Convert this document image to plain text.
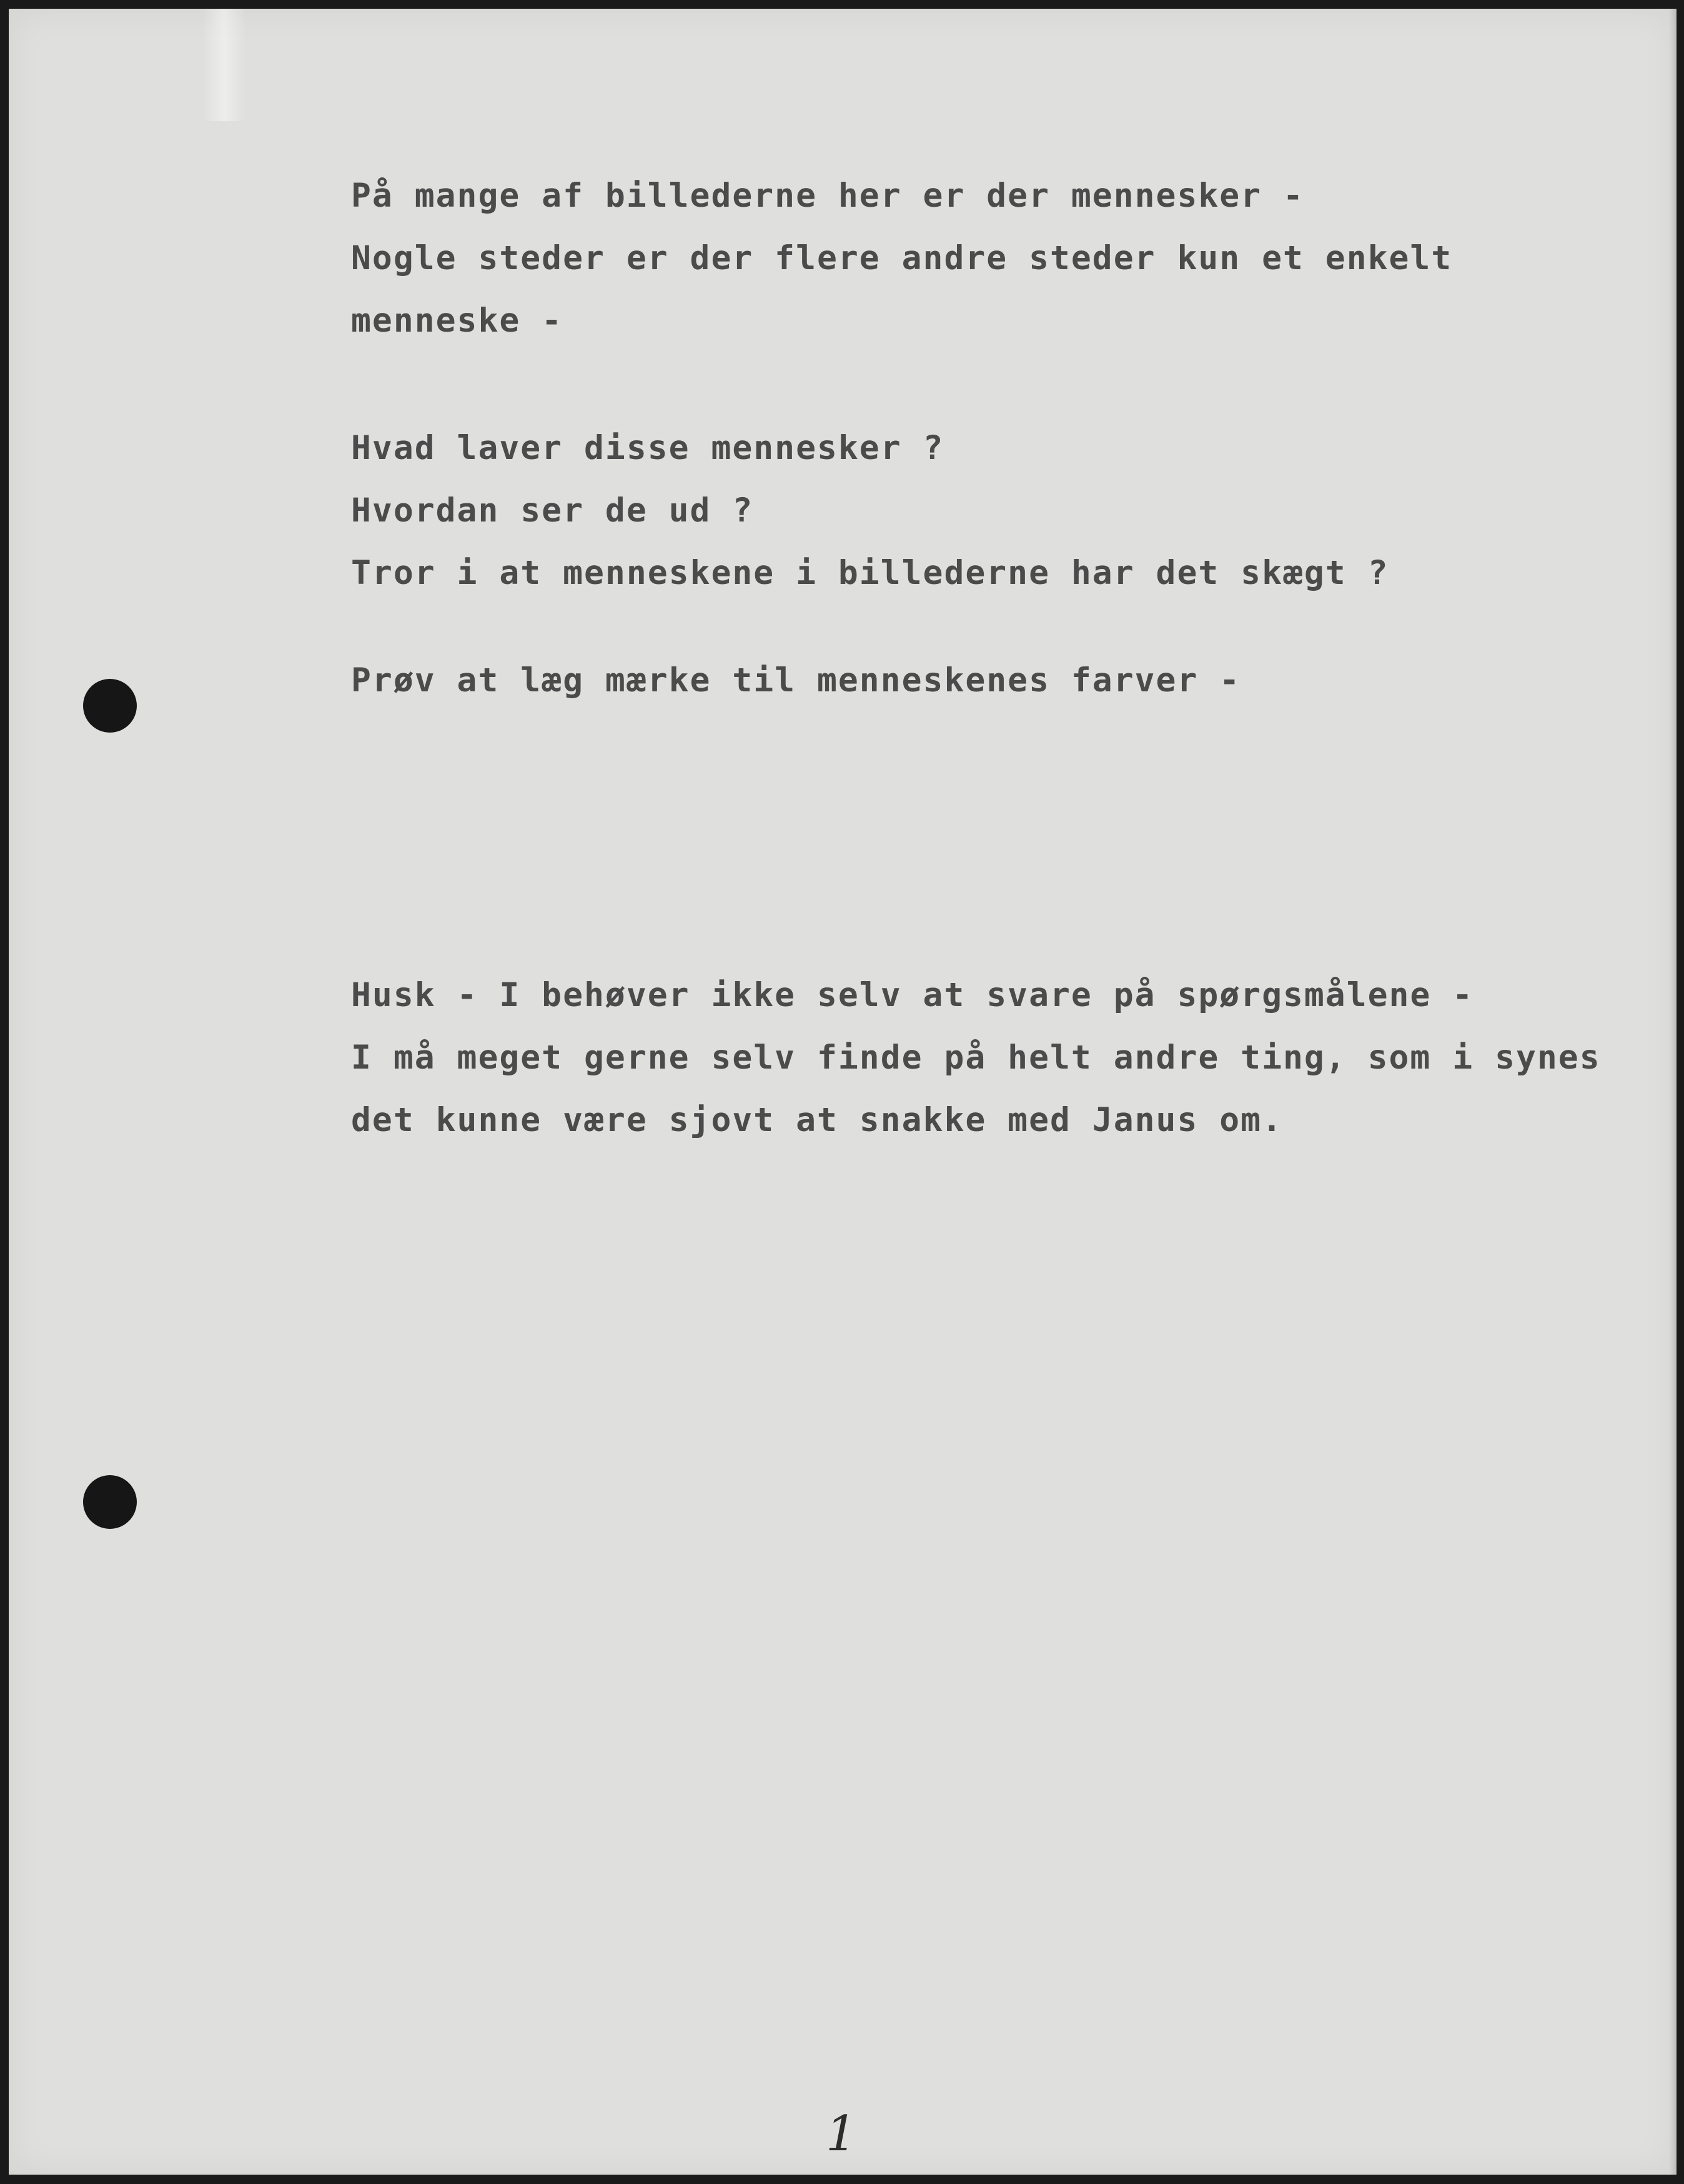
På mange af billederne her er der mennesker -
Nogle steder er der flere andre steder kun et enkelt
menneske -
Hvad laver disse mennesker ?
Hvordan ser de ud ?
Tror i at menneskene i billederne har det skægt ?
Prøv at læg mærke til menneskenes farver -
Husk - I behøver ikke selv at svare på spørgsmålene -
I må meget gerne selv finde på helt andre ting, som i synes
det kunne være sjovt at snakke med Janus om.
1
